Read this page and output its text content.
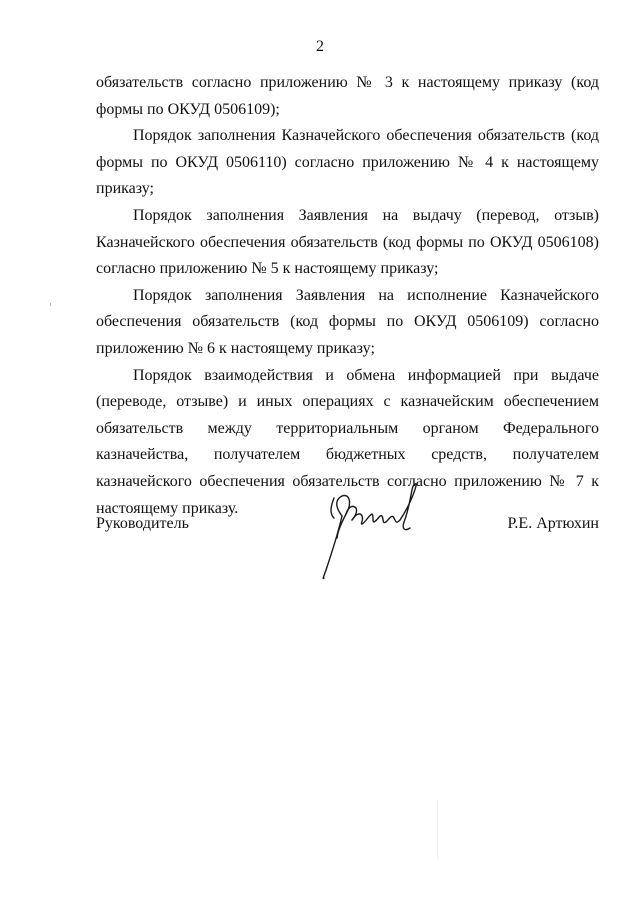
2

обязательств согласно приложению № 3 к настоящему приказу (код формы по ОКУД 0506109);

Порядок заполнения Казначейского обеспечения обязательств (код формы по ОКУД 0506110) согласно приложению № 4 к настоящему приказу;

Порядок заполнения Заявления на выдачу (перевод, отзыв) Казначейского обеспечения обязательств (код формы по ОКУД 0506108) согласно приложению № 5 к настоящему приказу;

Порядок заполнения Заявления на исполнение Казначейского обеспечения обязательств (код формы по ОКУД 0506109) согласно приложению № 6 к настоящему приказу;

Порядок взаимодействия и обмена информацией при выдаче (переводе, отзыве) и иных операциях с казначейским обеспечением обязательств между территориальным органом Федерального казначейства, получателем бюджетных средств, получателем казначейского обеспечения обязательств согласно приложению № 7 к настоящему приказу.

Руководитель	Р.Е. Артюхин
